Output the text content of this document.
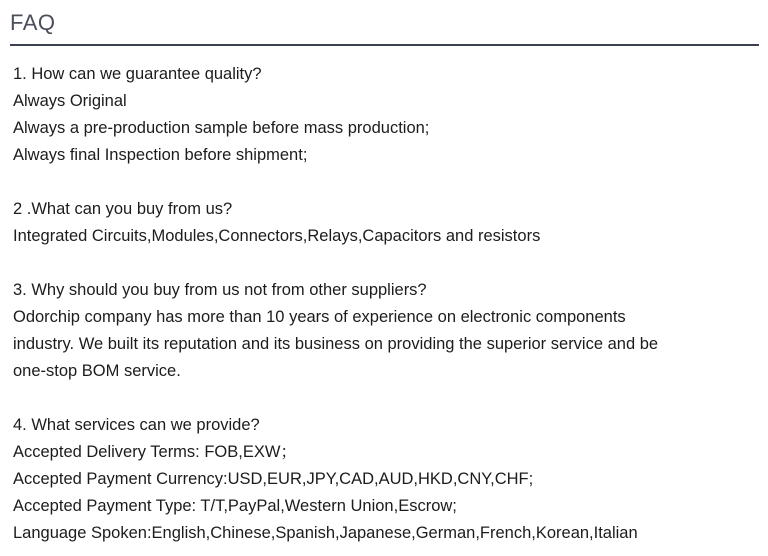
FAQ
1. How can we guarantee quality?
Always Original
Always a pre-production sample before mass production;
Always final Inspection before shipment;
2 .What can you buy from us?
Integrated Circuits,Modules,Connectors,Relays,Capacitors and resistors
3. Why should you buy from us not from other suppliers?
Odorchip company has more than 10 years of experience on electronic components
industry. We built its reputation and its business on providing the superior service and be
one-stop BOM service.
4. What services can we provide?
Accepted Delivery Terms: FOB,EXW；
Accepted Payment Currency:USD,EUR,JPY,CAD,AUD,HKD,CNY,CHF;
Accepted Payment Type: T/T,PayPal,Western Union,Escrow;
Language Spoken:English,Chinese,Spanish,Japanese,German,French,Korean,Italian
